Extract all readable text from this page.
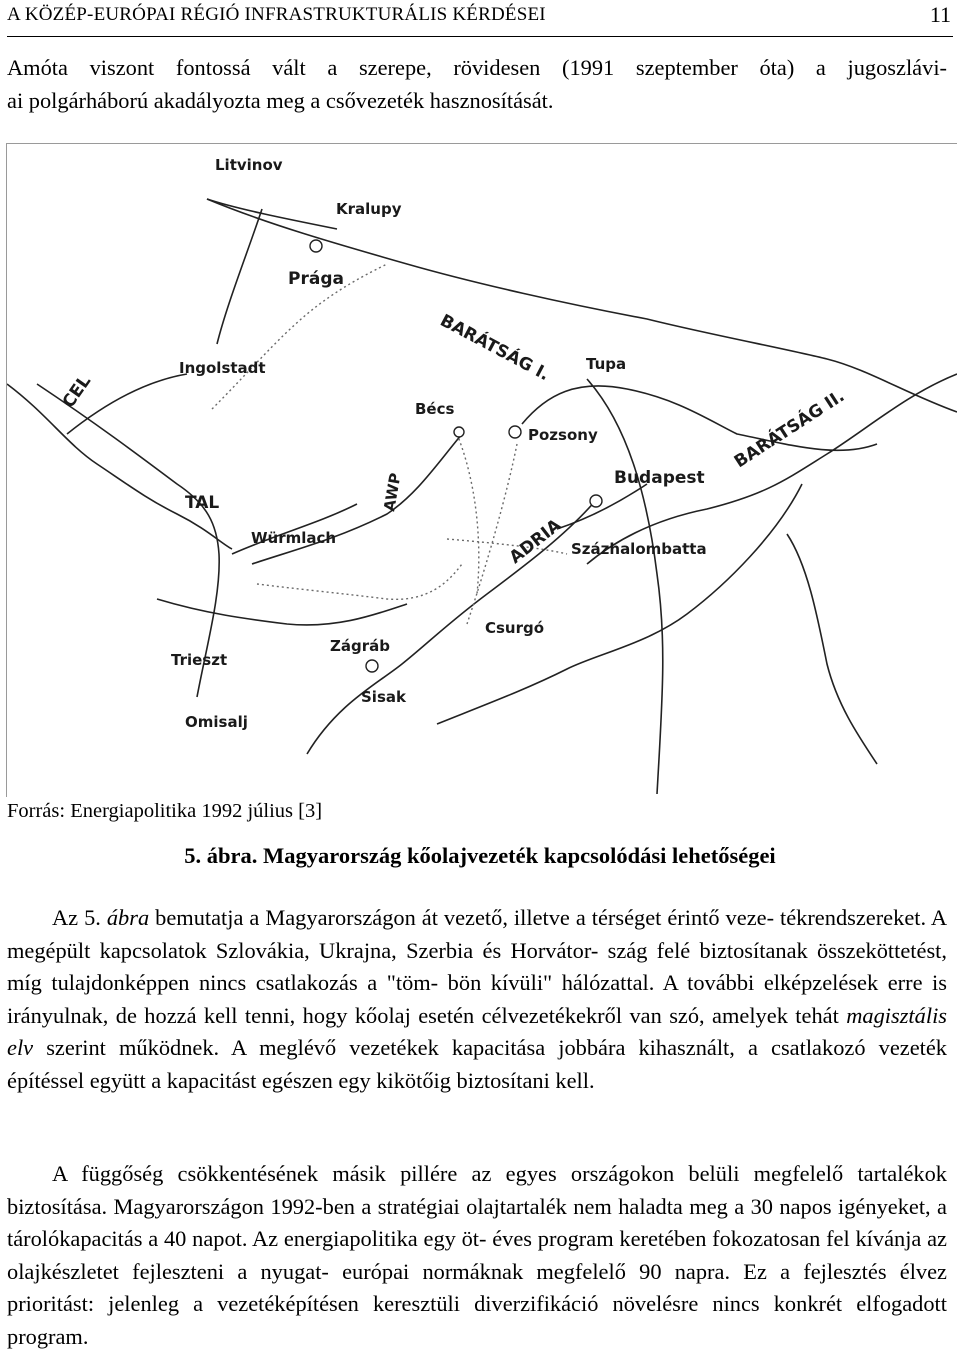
A KÖZÉP-EURÓPAI RÉGIÓ INFRASTRUKTURÁLIS KÉRDÉSEI	11
Amóta viszont fontossá vált a szerepe, rövidesen (1991 szeptember óta) a jugoszlávi-
ai polgárháború akadályozta meg a csővezeték hasznosítását.
Litvinov
Kralupy
Prága
BARÁTSÁG I. Tupa
Ingolstadt
CEL	Bécs
Pozsony	BARÁTSÁG II.
Budapest
TAL	AWP
Würmlach	ADRIA Százhalombatta
Csurgó
Zágráb
Trieszt
Sisak
Omisalj
Forrás: Energiapolitika 1992 július [3]
5. ábra. Magyarország kőolajvezeték kapcsolódási lehetőségei
Az 5. ábra bemutatja a Magyarországon át vezető, illetve a térséget érintő veze- tékrendszereket. A megépült kapcsolatok Szlovákia, Ukrajna, Szerbia és Horvátor- szág felé biztosítanak összeköttetést, míg tulajdonképpen nincs csatlakozás a "töm- bön kívüli" hálózattal. A további elképzelések erre is irányulnak, de hozzá kell tenni, hogy kőolaj esetén célvezetékekről van szó, amelyek tehát magisztális elv szerint működnek. A meglévő vezetékek kapacitása jobbára kihasznált, a csatlakozó vezeték építéssel együtt a kapacitást egészen egy kikötőig biztosítani kell.
A függőség csökkentésének másik pillére az egyes országokon belüli megfelelő tartalékok biztosítása. Magyarországon 1992-ben a stratégiai olajtartalék nem haladta meg a 30 napos igényeket, a tárolókapacitás a 40 napot. Az energiapolitika egy öt- éves program keretében fokozatosan fel kívánja az olajkészletet fejleszteni a nyugat- európai normáknak megfelelő 90 napra. Ez a fejlesztés élvez prioritást: jelenleg a vezetéképítésen keresztüli diverzifikáció növelésre nincs konkrét elfogadott program.
